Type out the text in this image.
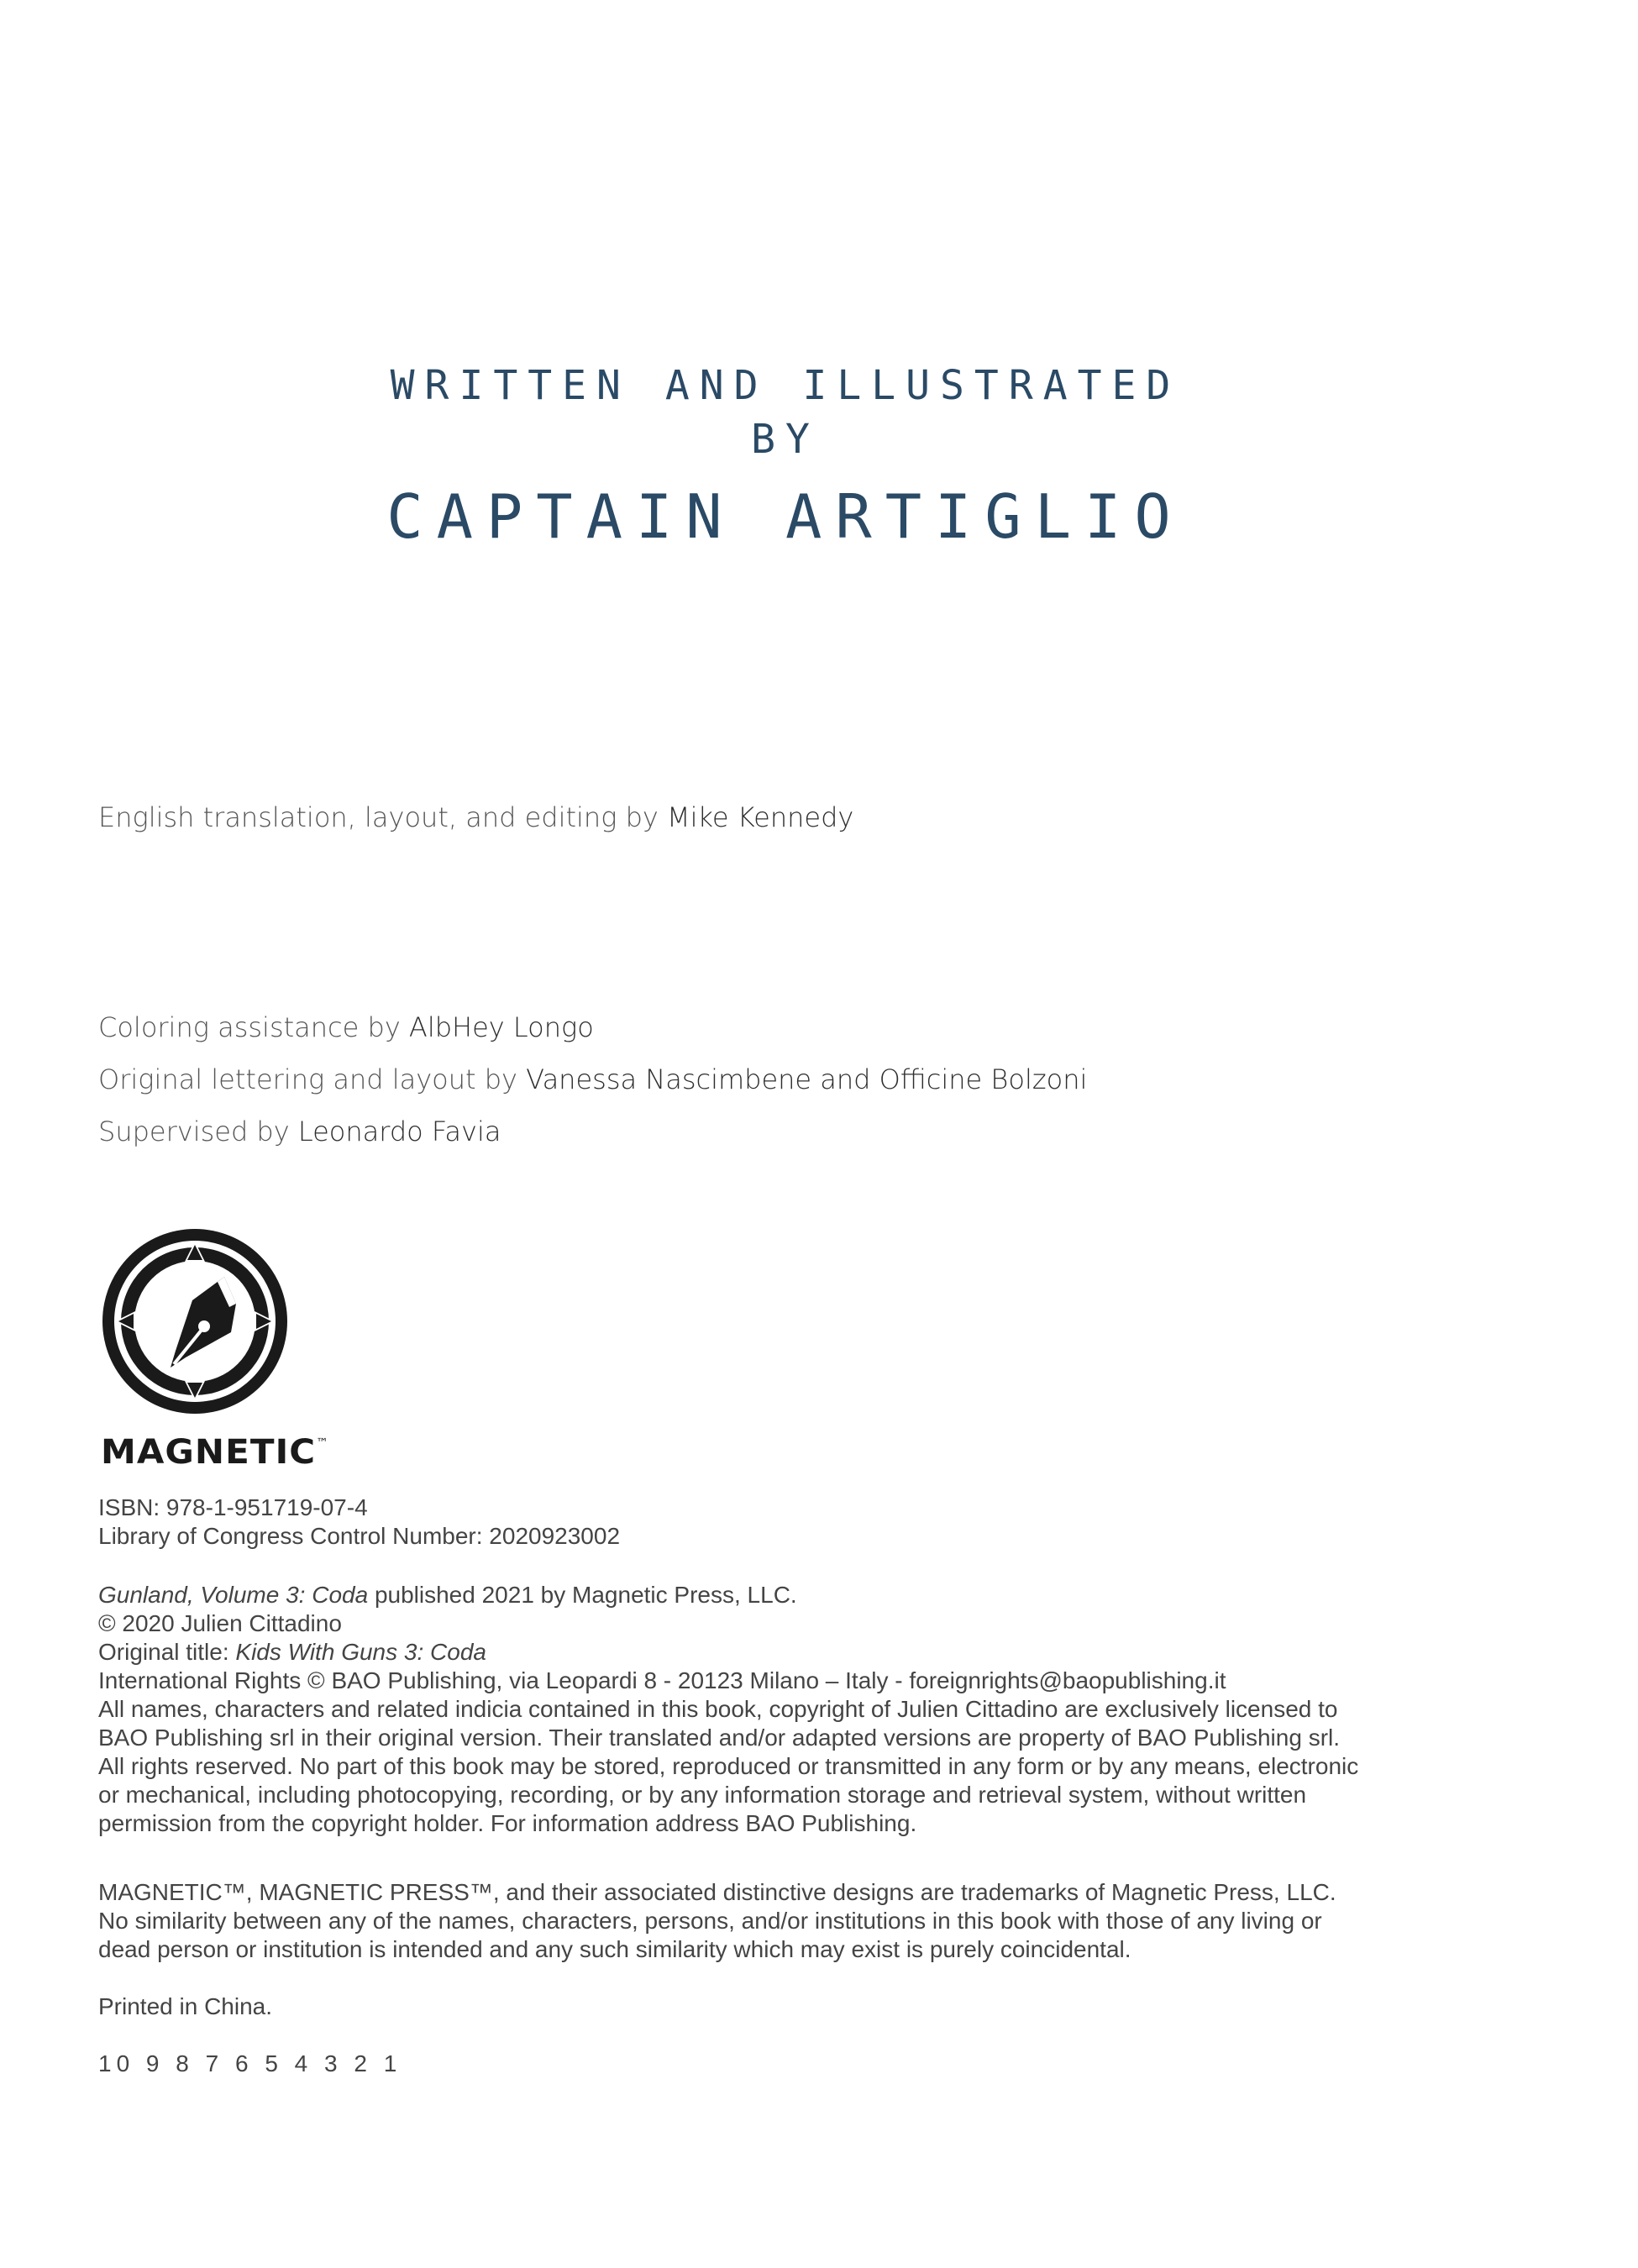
WRITTEN AND ILLUSTRATED
BY
CAPTAIN ARTIGLIO
English translation, layout, and editing by Mike Kennedy
Coloring assistance by AlbHey Longo
Original lettering and layout by Vanessa Nascimbene and Officine Bolzoni
Supervised by Leonardo Favia
MAGNETIC™

ISBN: 978-1-951719-07-4

Library of Congress Control Number: 2020923002

Gunland, Volume 3: Coda published 2021 by Magnetic Press, LLC.

© 2020 Julien Cittadino

Original title: Kids With Guns 3: Coda

International Rights © BAO Publishing, via Leopardi 8 - 20123 Milano – Italy - foreignrights@baopublishing.it

All names, characters and related indicia contained in this book, copyright of Julien Cittadino are exclusively licensed to

BAO Publishing srl in their original version. Their translated and/or adapted versions are property of BAO Publishing srl.

All rights reserved. No part of this book may be stored, reproduced or transmitted in any form or by any means, electronic

or mechanical, including photocopying, recording, or by any information storage and retrieval system, without written

permission from the copyright holder. For information address BAO Publishing.

MAGNETIC™, MAGNETIC PRESS™, and their associated distinctive designs are trademarks of Magnetic Press, LLC.

No similarity between any of the names, characters, persons, and/or institutions in this book with those of any living or

dead person or institution is intended and any such similarity which may exist is purely coincidental.

Printed in China.
10 9 8 7 6 5 4 3 2 1
